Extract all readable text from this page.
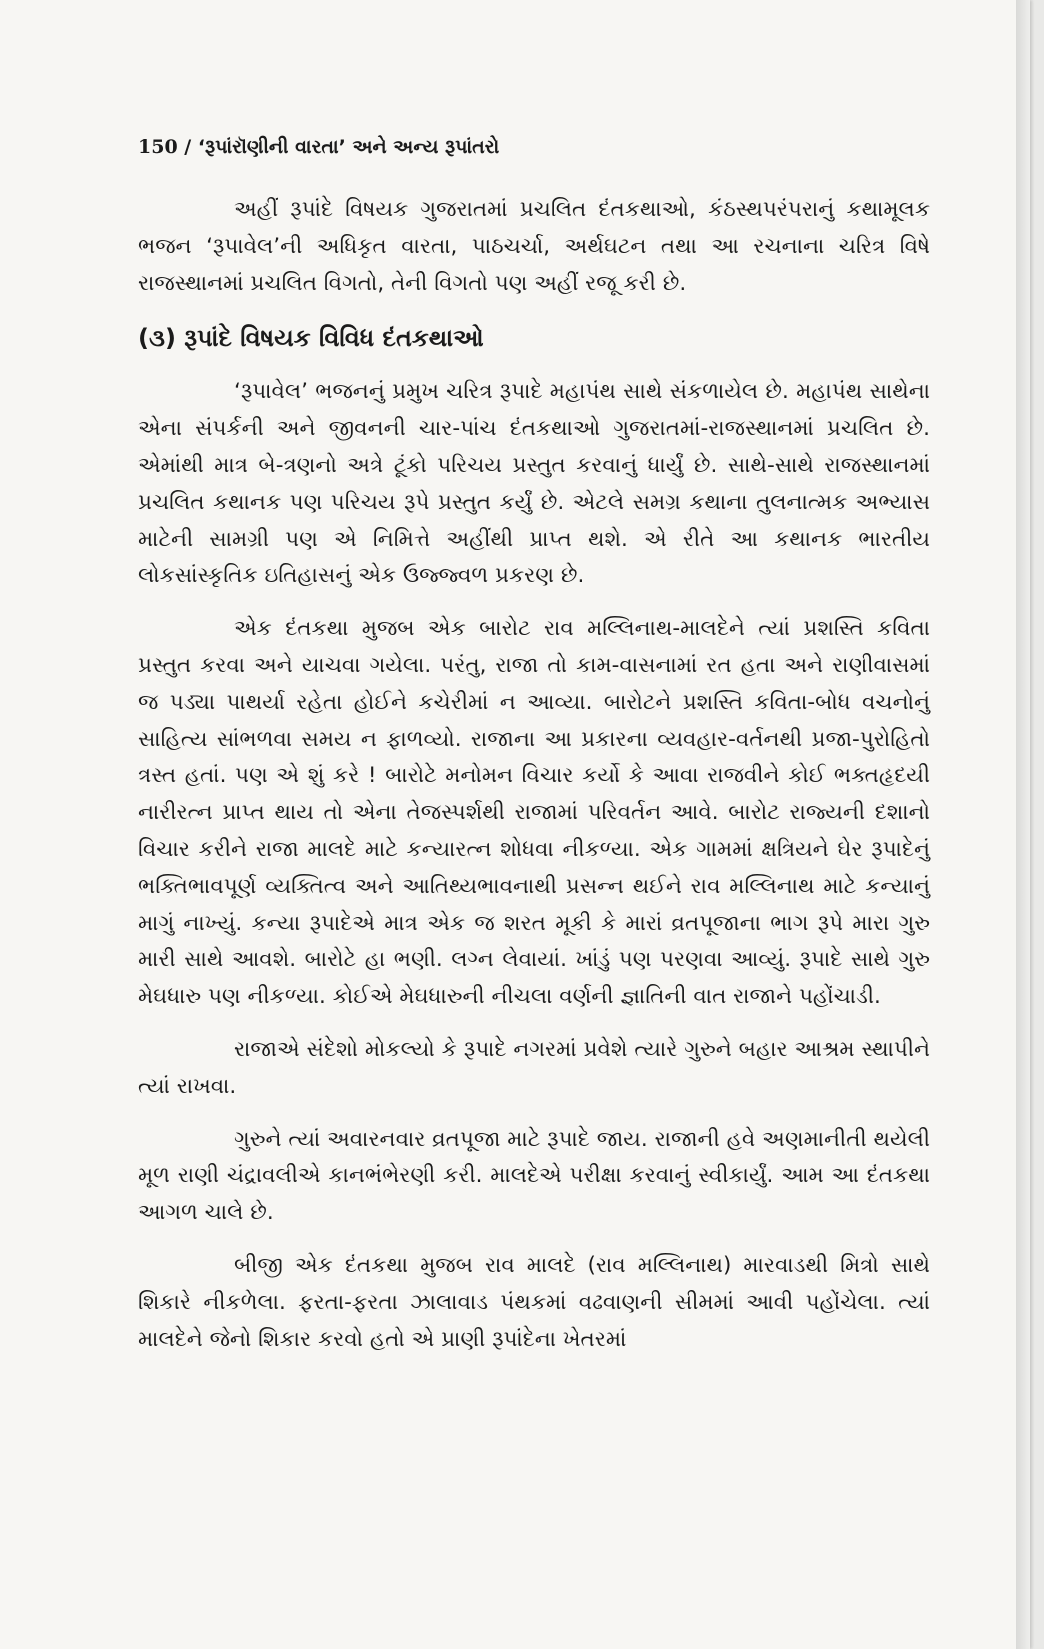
150 / ‘રૂપાંરૉણીની વારતા’ અને અન્ય રૂપાંતરો

અહીં રૂપાંદે વિષયક ગુજરાતમાં પ્રચલિત દંતકથાઓ, કંઠસ્થપરંપરાનું કથામૂલક ભજન ‘રૂપાવેલ’ની અધિકૃત વારતા, પાઠચર્ચા, અર્થઘટન તથા આ રચનાના ચરિત્ર વિષે રાજસ્થાનમાં પ્રચલિત વિગતો, તેની વિગતો પણ અહીં રજૂ કરી છે.

(૩) રૂપાંદે વિષયક વિવિધ દંતકથાઓ

‘રૂપાવેલ’ ભજનનું પ્રમુખ ચરિત્ર રૂપાદે મહાપંથ સાથે સંકળાયેલ છે. મહાપંથ સાથેના એના સંપર્કની અને જીવનની ચાર-પાંચ દંતકથાઓ ગુજરાતમાં-રાજસ્થાનમાં પ્રચલિત છે. એમાંથી માત્ર બે-ત્રણનો અત્રે ટૂંકો પરિચય પ્રસ્તુત કરવાનું ધાર્યું છે. સાથે-સાથે રાજસ્થાનમાં પ્રચલિત કથાનક પણ પરિચય રૂપે પ્રસ્તુત કર્યું છે. એટલે સમગ્ર કથાના તુલનાત્મક અભ્યાસ માટેની સામગ્રી પણ એ નિમિત્તે અહીંથી પ્રાપ્ત થશે. એ રીતે આ કથાનક ભારતીય લોકસાંસ્કૃતિક ઇતિહાસનું એક ઉજ્જ્વળ પ્રકરણ છે.

એક દંતકથા મુજબ એક બારોટ રાવ મલ્લિનાથ-માલદેને ત્યાં પ્રશસ્તિ કવિતા પ્રસ્તુત કરવા અને યાચવા ગયેલા. પરંતુ, રાજા તો કામ-વાસનામાં રત હતા અને રાણીવાસમાં જ પડ્યા પાથર્યા રહેતા હોઈને કચેરીમાં ન આવ્યા. બારોટને પ્રશસ્તિ કવિતા-બોધ વચનોનું સાહિત્ય સાંભળવા સમય ન ફાળવ્યો. રાજાના આ પ્રકારના વ્યવહાર-વર્તનથી પ્રજા-પુરોહિતો ત્રસ્ત હતાં. પણ એ શું કરે ! બારોટે મનોમન વિચાર કર્યો કે આવા રાજવીને કોઈ ભક્તહૃદયી નારીરત્ન પ્રાપ્ત થાય તો એના તેજસ્પર્શથી રાજામાં પરિવર્તન આવે. બારોટ રાજ્યની દશાનો વિચાર કરીને રાજા માલદે માટે કન્યારત્ન શોધવા નીકળ્યા. એક ગામમાં ક્ષત્રિયને ઘેર રૂપાદેનું ભક્તિભાવપૂર્ણ વ્યક્તિત્વ અને આતિથ્યભાવનાથી પ્રસન્ન થઈને રાવ મલ્લિનાથ માટે કન્યાનું માગું નાખ્યું. કન્યા રૂપાદેએ માત્ર એક જ શરત મૂકી કે મારાં વ્રતપૂજાના ભાગ રૂપે મારા ગુરુ મારી સાથે આવશે. બારોટે હા ભણી. લગ્ન લેવાયાં. ખાંડું પણ પરણવા આવ્યું. રૂપાદે સાથે ગુરુ મેઘધારુ પણ નીકળ્યા. કોઈએ મેઘધારુની નીચલા વર્ણની જ્ઞાતિની વાત રાજાને પહોંચાડી.

રાજાએ સંદેશો મોકલ્યો કે રૂપાદે નગરમાં પ્રવેશે ત્યારે ગુરુને બહાર આશ્રમ સ્થાપીને ત્યાં રાખવા.

ગુરુને ત્યાં અવારનવાર વ્રતપૂજા માટે રૂપાદે જાય. રાજાની હવે અણમાનીતી થયેલી મૂળ રાણી ચંદ્રાવલીએ કાનભંભેરણી કરી. માલદેએ પરીક્ષા કરવાનું સ્વીકાર્યું. આમ આ દંતકથા આગળ ચાલે છે.

બીજી એક દંતકથા મુજબ રાવ માલદે (રાવ મલ્લિનાથ) મારવાડથી મિત્રો સાથે શિકારે નીકળેલા. ફરતા-ફરતા ઝાલાવાડ પંથકમાં વઢવાણની સીમમાં આવી પહોંચેલા. ત્યાં માલદેને જેનો શિકાર કરવો હતો એ પ્રાણી રૂપાંદેના ખેતરમાં
